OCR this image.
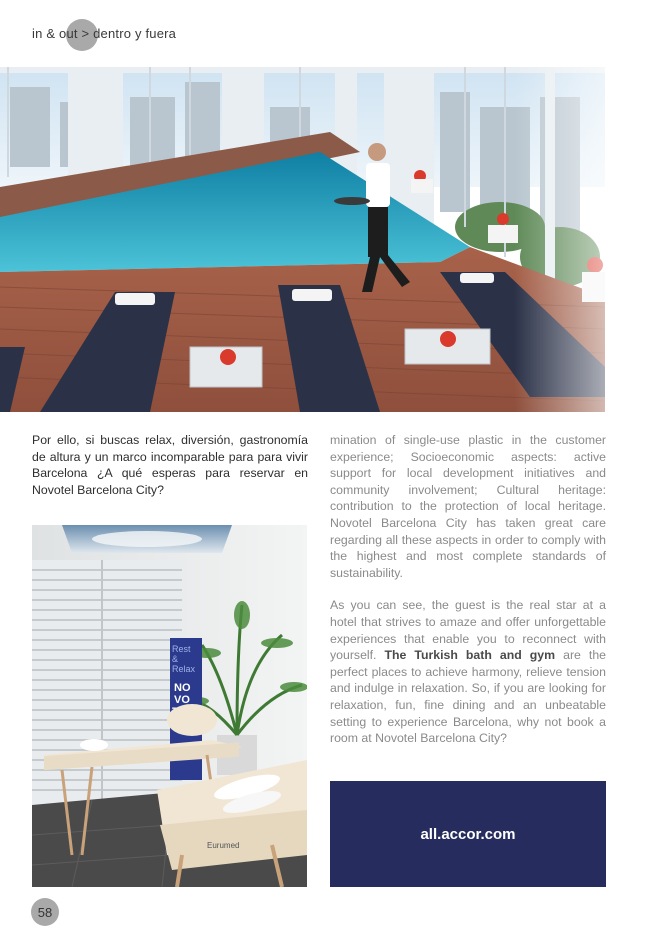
in & out > dentro y fuera

Por ello, si buscas relax, diversión, gastronomía de altura y un marco incomparable para para vivir Barcelona ¿A qué esperas para reservar en Novotel Barcelona City?

mination of single-use plastic in the customer experience; Socioeconomic aspects: active support for local development initiatives and community involvement; Cultural heritage: contribution to the protection of local heritage. Novotel Barcelona City has taken great care regarding all these aspects in order to comply with the highest and most complete standards of sustainability.

As you can see, the guest is the real star at a hotel that strives to amaze and offer unforgettable experiences that enable you to reconnect with yourself. The Turkish bath and gym are the perfect places to achieve harmony, relieve tension and indulge in relaxation. So, if you are looking for relaxation, fun, fine dining and an unbeatable setting to experience Barcelona, why not book a room at Novotel Barcelona City?

Rest
&
Relax
NO
VO
Eurumed
all.accor.com
58
